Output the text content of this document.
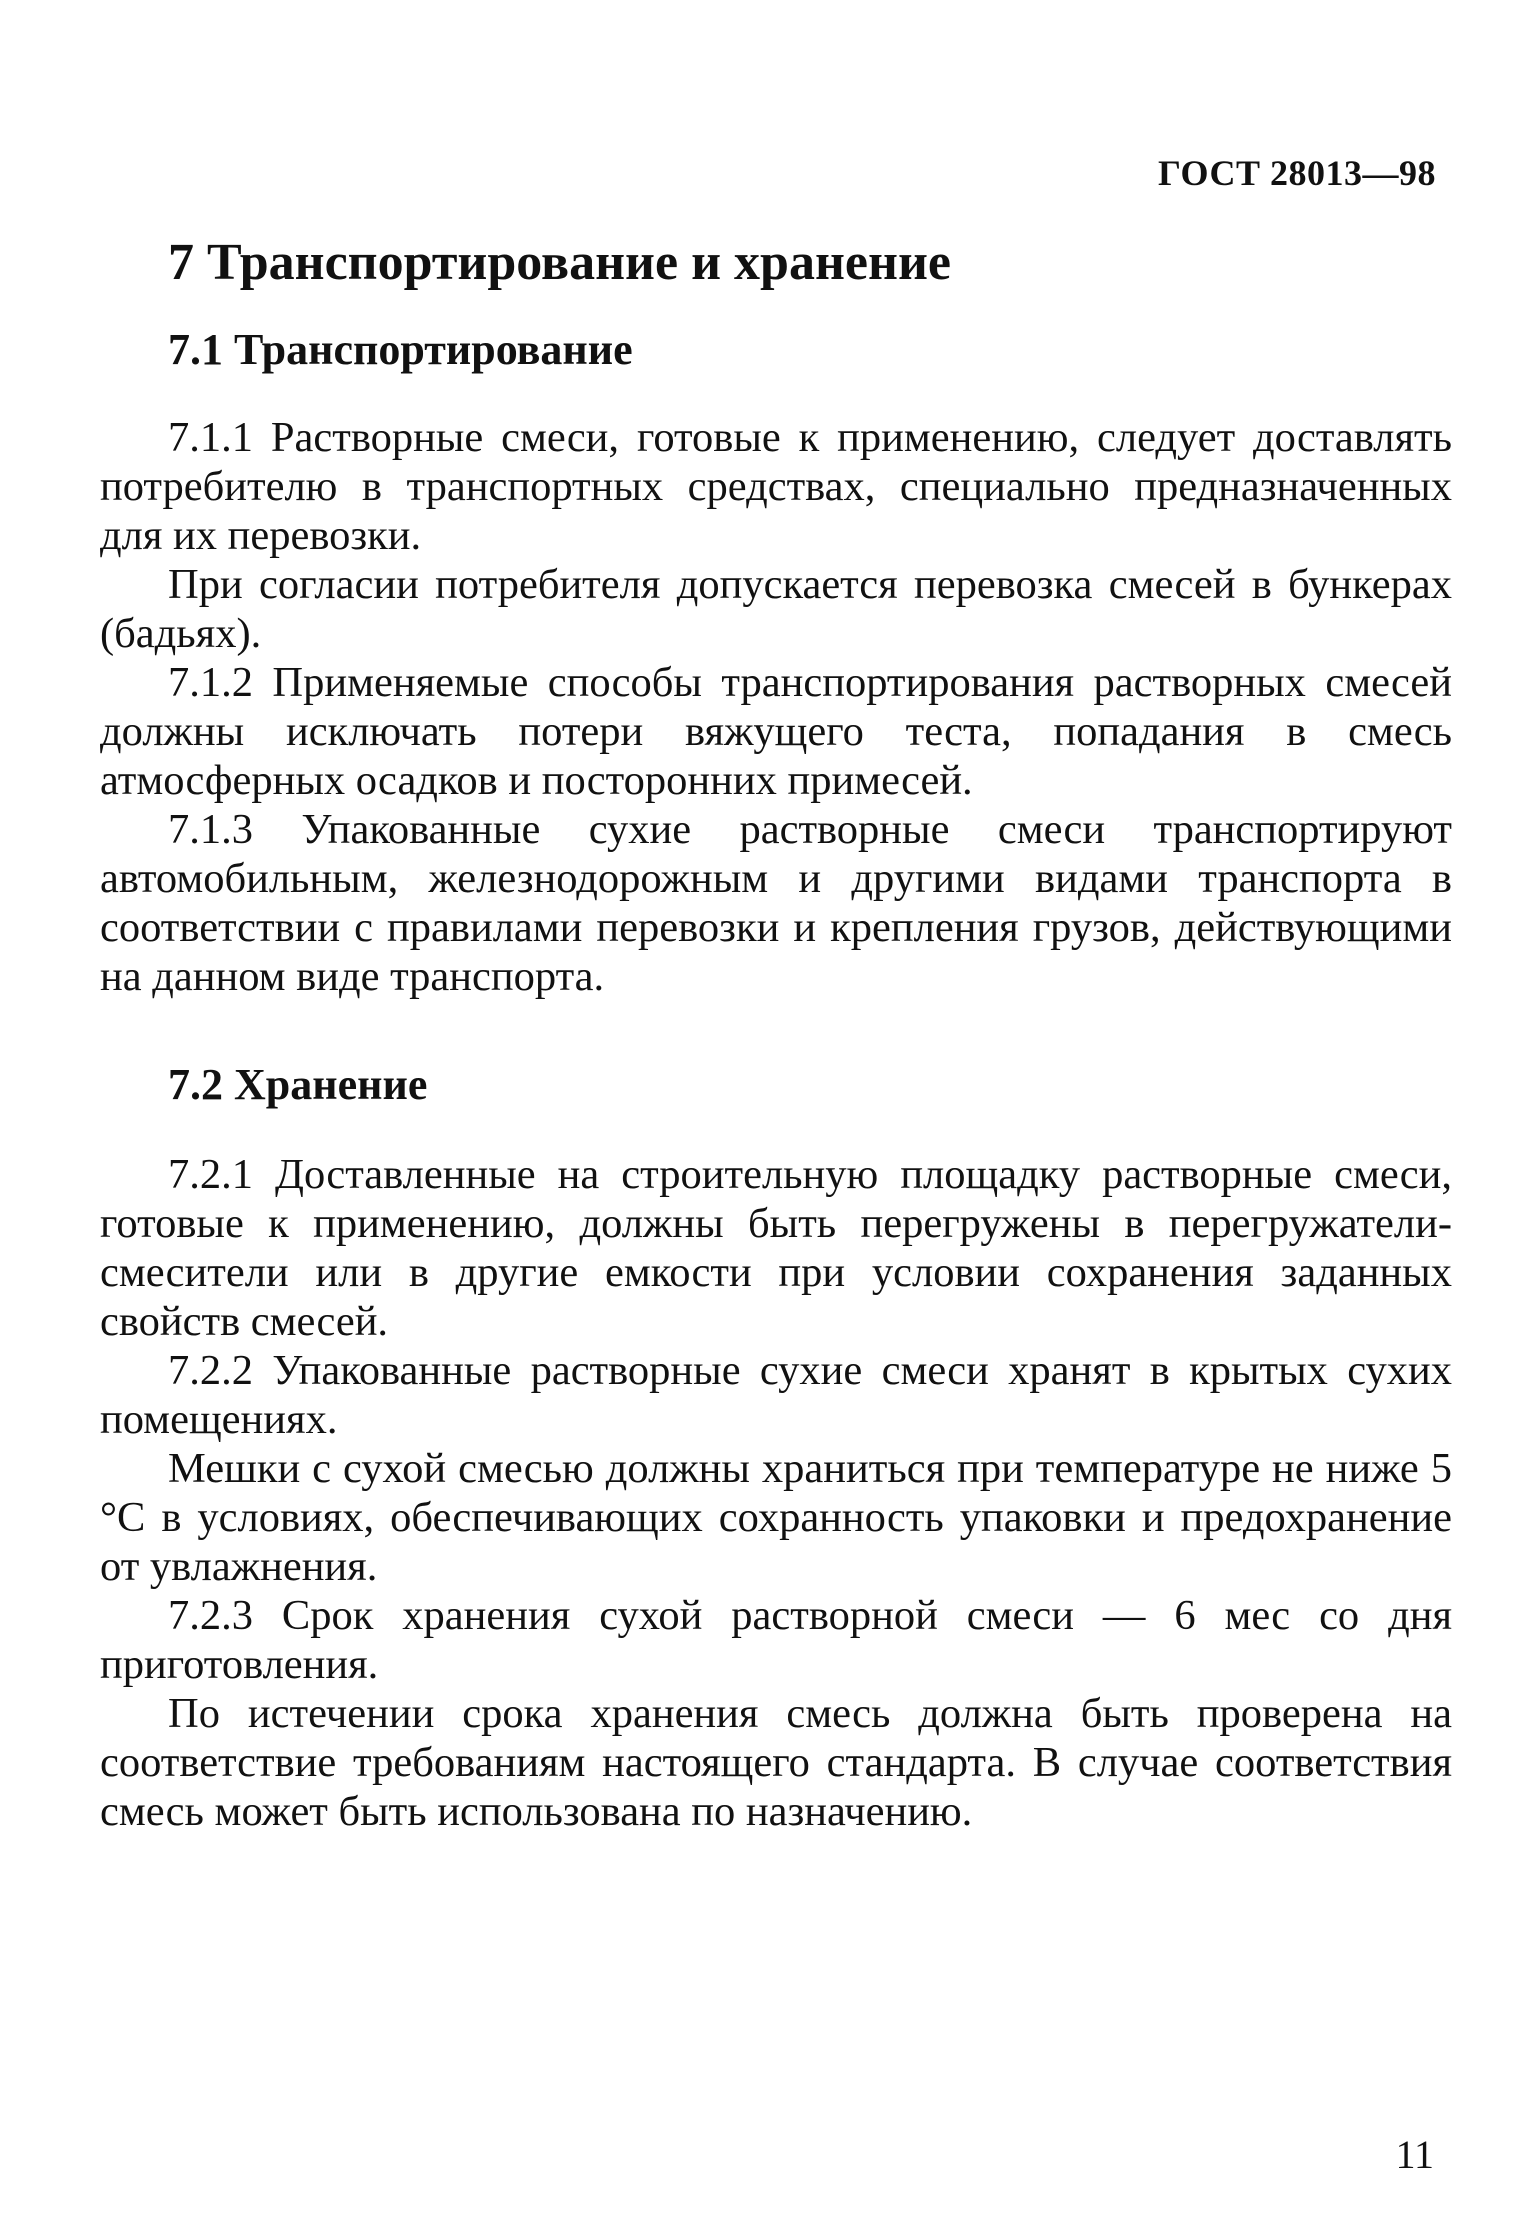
ГОСТ 28013—98
7 Транспортирование и хранение
7.1 Транспортирование

7.1.1 Растворные смеси, готовые к применению, следует доставлять потребителю в транспортных средствах, специально предназначенных для их перевозки.

При согласии потребителя допускается перевозка смесей в бункерах (бадьях).

7.1.2 Применяемые способы транспортирования растворных смесей должны исключать потери вяжущего теста, попадания в смесь атмосферных осадков и посторонних примесей.

7.1.3 Упакованные сухие растворные смеси транспортируют автомобильным, железнодорожным и другими видами транспорта в соответствии с правилами перевозки и крепления грузов, действующими на данном виде транспорта.

7.2 Хранение

7.2.1 Доставленные на строительную площадку растворные смеси, готовые к применению, должны быть перегружены в перегружатели-смесители или в другие емкости при условии сохранения заданных свойств смесей.

7.2.2 Упакованные растворные сухие смеси хранят в крытых сухих помещениях.

Мешки с сухой смесью должны храниться при температуре не ниже 5 °С в условиях, обеспечивающих сохранность упаковки и предохранение от увлажнения.

7.2.3 Срок хранения сухой растворной смеси — 6 мес со дня приготовления.

По истечении срока хранения смесь должна быть проверена на соответствие требованиям настоящего стандарта. В случае соответствия смесь может быть использована по назначению.

11
